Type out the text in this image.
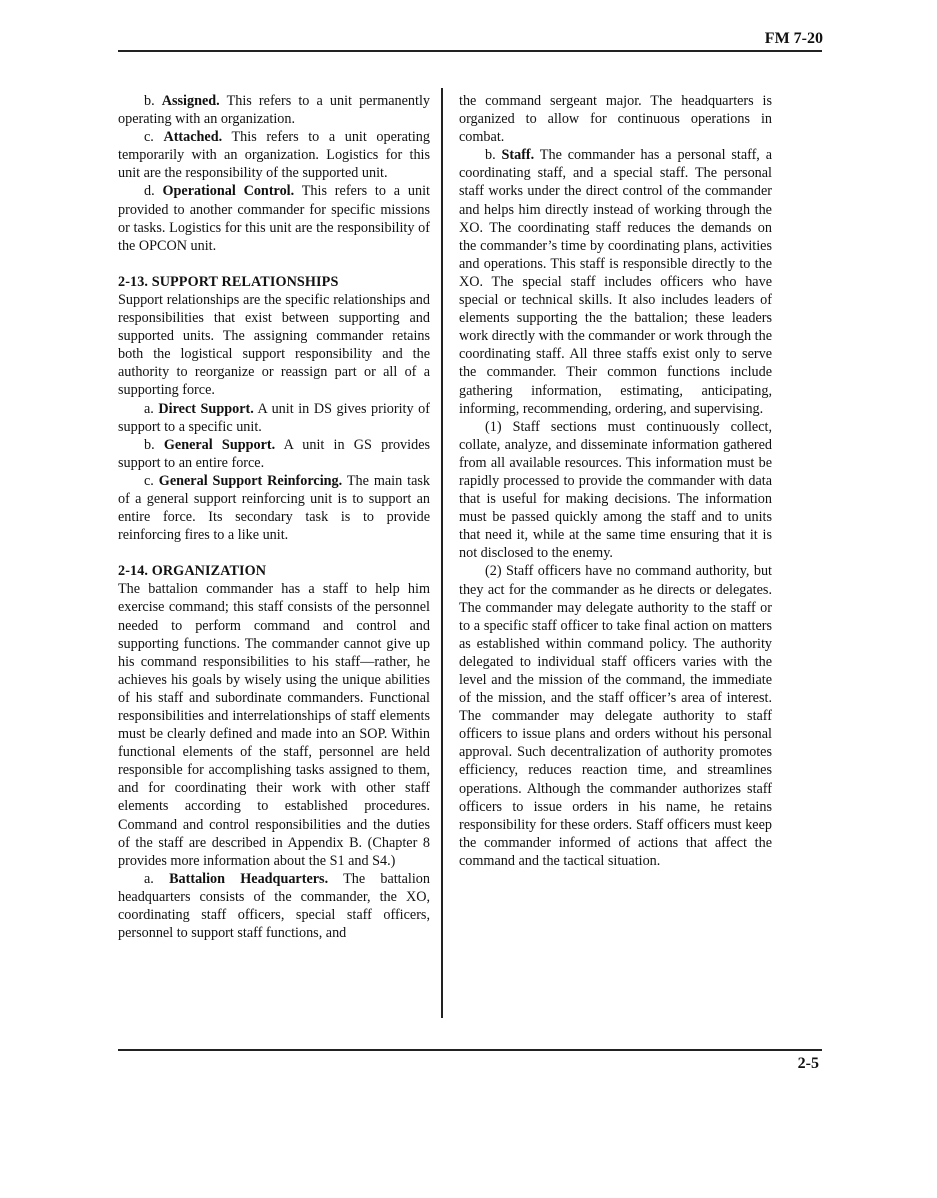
FM 7-20

b. Assigned. This refers to a unit permanently operating with an organization.

c. Attached. This refers to a unit operating temporarily with an organization. Logistics for this unit are the responsibility of the supported unit.

d. Operational Control. This refers to a unit provided to another commander for specific missions or tasks. Logistics for this unit are the responsibility of the OPCON unit.

2-13. SUPPORT RELATIONSHIPS

Support relationships are the specific relationships and responsibilities that exist between supporting and supported units. The assigning commander retains both the logistical support responsibility and the authority to reorganize or reassign part or all of a supporting force.

a. Direct Support. A unit in DS gives priority of support to a specific unit.

b. General Support. A unit in GS provides support to an entire force.

c. General Support Reinforcing. The main task of a general support reinforcing unit is to support an entire force. Its secondary task is to provide reinforcing fires to a like unit.

2-14. ORGANIZATION

The battalion commander has a staff to help him exercise command; this staff consists of the personnel needed to perform command and control and supporting functions. The commander cannot give up his command responsibilities to his staff—rather, he achieves his goals by wisely using the unique abilities of his staff and subordinate commanders. Functional responsibilities and interrelationships of staff elements must be clearly defined and made into an SOP. Within functional elements of the staff, personnel are held responsible for accomplishing tasks assigned to them, and for coordinating their work with other staff elements according to established procedures. Command and control responsibilities and the duties of the staff are described in Appendix B. (Chapter 8 provides more information about the S1 and S4.)

a. Battalion Headquarters. The battalion headquarters consists of the commander, the XO, coordinating staff officers, special staff officers, personnel to support staff functions, and

the command sergeant major. The headquarters is organized to allow for continuous operations in combat.

b. Staff. The commander has a personal staff, a coordinating staff, and a special staff. The personal staff works under the direct control of the commander and helps him directly instead of working through the XO. The coordinating staff reduces the demands on the commander’s time by coordinating plans, activities and operations. This staff is responsible directly to the XO. The special staff includes officers who have special or technical skills. It also includes leaders of elements supporting the the battalion; these leaders work directly with the commander or work through the coordinating staff. All three staffs exist only to serve the commander. Their common functions include gathering information, estimating, anticipating, informing, recommending, ordering, and supervising.

(1) Staff sections must continuously collect, collate, analyze, and disseminate information gathered from all available resources. This information must be rapidly processed to provide the commander with data that is useful for making decisions. The information must be passed quickly among the staff and to units that need it, while at the same time ensuring that it is not disclosed to the enemy.

(2) Staff officers have no command authority, but they act for the commander as he directs or delegates. The commander may delegate authority to the staff or to a specific staff officer to take final action on matters as established within command policy. The authority delegated to individual staff officers varies with the level and the mission of the command, the immediate of the mission, and the staff officer’s area of interest. The commander may delegate authority to staff officers to issue plans and orders without his personal approval. Such decentralization of authority promotes efficiency, reduces reaction time, and streamlines operations. Although the commander authorizes staff officers to issue orders in his name, he retains responsibility for these orders. Staff officers must keep the commander informed of actions that affect the command and the tactical situation.

2-5
